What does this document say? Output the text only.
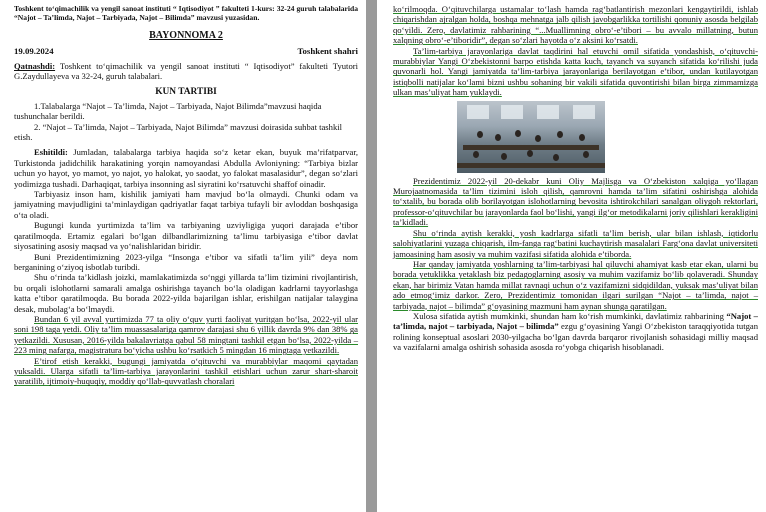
Toshkent to‘qimachilik va yengil sanoat instituti “ Iqtisodiyot ” fakulteti 1-kurs: 32-24 guruh talabalarida “Najot – Ta’limda, Najot – Tarbiyada, Najot – Bilimda” mavzusi yuzasidan.

BAYONNOMA 2
19.09.2024	Toshkent shahri

Qatnashdi: Toshkent to‘qimachilik va yengil sanoat instituti “ Iqtisodiyot” fakulteti Tyutori G.Zaydullayeva va 32-24, guruh talabalari.

KUN TARTIBI

1.Talabalarga “Najot – Ta’limda, Najot – Tarbiyada, Najot Bilimda”mavzusi haqida tushunchalar berildi.

2. “Najot – Ta’limda, Najot – Tarbiyada, Najot Bilimda” mavzusi doirasida suhbat tashkil etish.

Eshitildi: Jumladan, talabalarga tarbiya haqida so‘z ketar ekan, buyuk ma’rifatparvar, Turkistonda jadidchilik harakatining yorqin namoyandasi Abdulla Avloniyning: “Tarbiya bizlar uchun yo hayot, yo mamot, yo najot, yo halokat, yo saodat, yo falokat masalasidur”, degan so‘zlari yodimizga tushadi. Darhaqiqat, tarbiya insonning asl siyratini ko‘rsatuvchi shaffof oinadir.

Tarbiyasiz inson ham, kishilik jamiyati ham mavjud bo‘la olmaydi. Chunki odam va jamiyatning mavjudligini ta’minlaydigan qadriyatlar faqat tarbiya tufayli bir avloddan boshqasiga o‘ta oladi.

Bugungi kunda yurtimizda ta’lim va tarbiyaning uzviyligiga yuqori darajada e’tibor qaratilmoqda. Ertamiz egalari bo‘lgan dilbandlarimizning ta’limu tarbiyasiga e’tibor davlat siyosatining asosiy maqsad va yo‘nalishlaridan biridir.

Buni Prezidentimizning 2023-yilga “Insonga e’tibor va sifatli ta’lim yili” deya nom berganining o‘ziyoq isbotlab turibdi.

Shu o‘rinda ta’kidlash joizki, mamlakatimizda so‘nggi yillarda ta’lim tizimini rivojlantirish, bu orqali islohotlarni samarali amalga oshirishga tayanch bo‘la oladigan kadrlarni tayyorlashga katta e’tibor qaratilmoqda. Bu borada 2022-yilda bajarilgan ishlar, erishilgan natijalar talaygina desak, mubolag‘a bo‘lmaydi.

Bundan 6 yil avval yurtimizda 77 ta oliy o‘quv yurti faoliyat yuritgan bo‘lsa, 2022-yil ular soni 198 taga yetdi. Oliy ta’lim muassasalariga qamrov darajasi shu 6 yillik davrda 9% dan 38% ga yetkazildi. Xususan, 2016-yilda bakalavriatga qabul 58 mingtani tashkil etgan bo‘lsa, 2022-yilda – 223 ming nafarga, magistratura bo‘yicha ushbu ko‘rsatkich 5 mingdan 16 mingtaga yetkazildi.

E’tirof etish kerakki, bugungi jamiyatda o‘qituvchi va murabbiylar maqomi qaytadan yuksaldi. Ularga sifatli ta’lim-tarbiya jarayonlarini tashkil etishlari uchun zarur shart-sharoit yaratilib, ijtimoiy-huquqiy, moddiy qo‘llab-quvvatlash choralari

ko‘rilmoqda. O‘qituvchilarga ustamalar to‘lash hamda rag‘batlantirish mezonlari kengaytirildi, ishlab chiqarishdan ajralgan holda, boshqa mehnatga jalb qilish javobgarlikka tortilishi qonuniy asosda belgilab qo‘yildi. Zero, davlatimiz rahbarining “...Muallimning obro‘-e’tibori – bu avvalo millatning, butun xalqning obro‘-e’tiboridir”, degan so‘zlari hayotda o‘z aksini ko‘rsatdi.

Ta’lim-tarbiya jarayonlariga davlat taqdirini hal etuvchi omil sifatida yondashish, o‘qituvchi-murabbiylar Yangi O‘zbekistonni barpo etishda katta kuch, tayanch va suyanch sifatida ko‘rilishi juda quvonarli hol. Yangi jamiyatda ta’lim-tarbiya jarayonlariga berilayotgan e’tibor, undan kutilayotgan istiqbolli natijalar ko‘lami bizni ushbu sohaning bir vakili sifatida quvontirishi bilan birga zimmamizga ulkan mas’uliyat ham yuklaydi.

Prezidentimiz 2022-yil 20-dekabr kuni Oliy Majlisga va O‘zbekiston xalqiga yo‘llagan Murojaatnomasida ta’lim tizimini isloh qilish, qamrovni hamda ta’lim sifatini oshirishga alohida to‘xtalib, bu borada olib borilayotgan islohotlarning bevosita ishtirokchilari sanalgan oliygoh rektorlari, professor-o‘qituvchilar bu jarayonlarda faol bo‘lishi, yangi ilg‘or metodikalarni joriy qilishlari kerakligini ta’kidladi.

Shu o‘rinda aytish kerakki, yosh kadrlarga sifatli ta’lim berish, ular bilan ishlash, iqtidorlu salohiyatlarini yuzaga chiqarish, ilm-fanga rag‘batini kuchaytirish masalalari Farg‘ona davlat universiteti jamoasining ham asosiy va muhim vazifasi sifatida alohida e’tiborda.

Har qanday jamiyatda yoshlarning ta’lim-tarbiyasi hal qiluvchi ahamiyat kasb etar ekan, ularni bu borada yetuklikka yetaklash biz pedagoglarning asosiy va muhim vazifamiz bo‘lib qolaveradi. Shunday ekan, har birimiz Vatan hamda millat ravnaqi uchun o‘z vazifamizni sidqidildan, yuksak mas’uliyat bilan ado etmog‘imiz darkor. Zero, Prezidentimiz tomonidan ilgari surilgan “Najot – ta’limda, najot – tarbiyada, najot – bilimda” g‘oyasining mazmuni ham aynan shunga qaratilgan.

Xulosa sifatida aytish mumkinki, shundan ham ko‘rish mumkinki, davlatimiz rahbarining “Najot – ta’limda, najot – tarbiyada, Najot – bilimda” ezgu g‘oyasining Yangi O‘zbekiston taraqqiyotida tutgan rolining konseptual asoslari 2030-yilgacha bo‘lgan davrda barqaror rivojlanish sohasidagi milliy maqsad va vazifalarni amalga oshirish sohasida asosda ro‘yobga chiqarish hisoblanadi.
